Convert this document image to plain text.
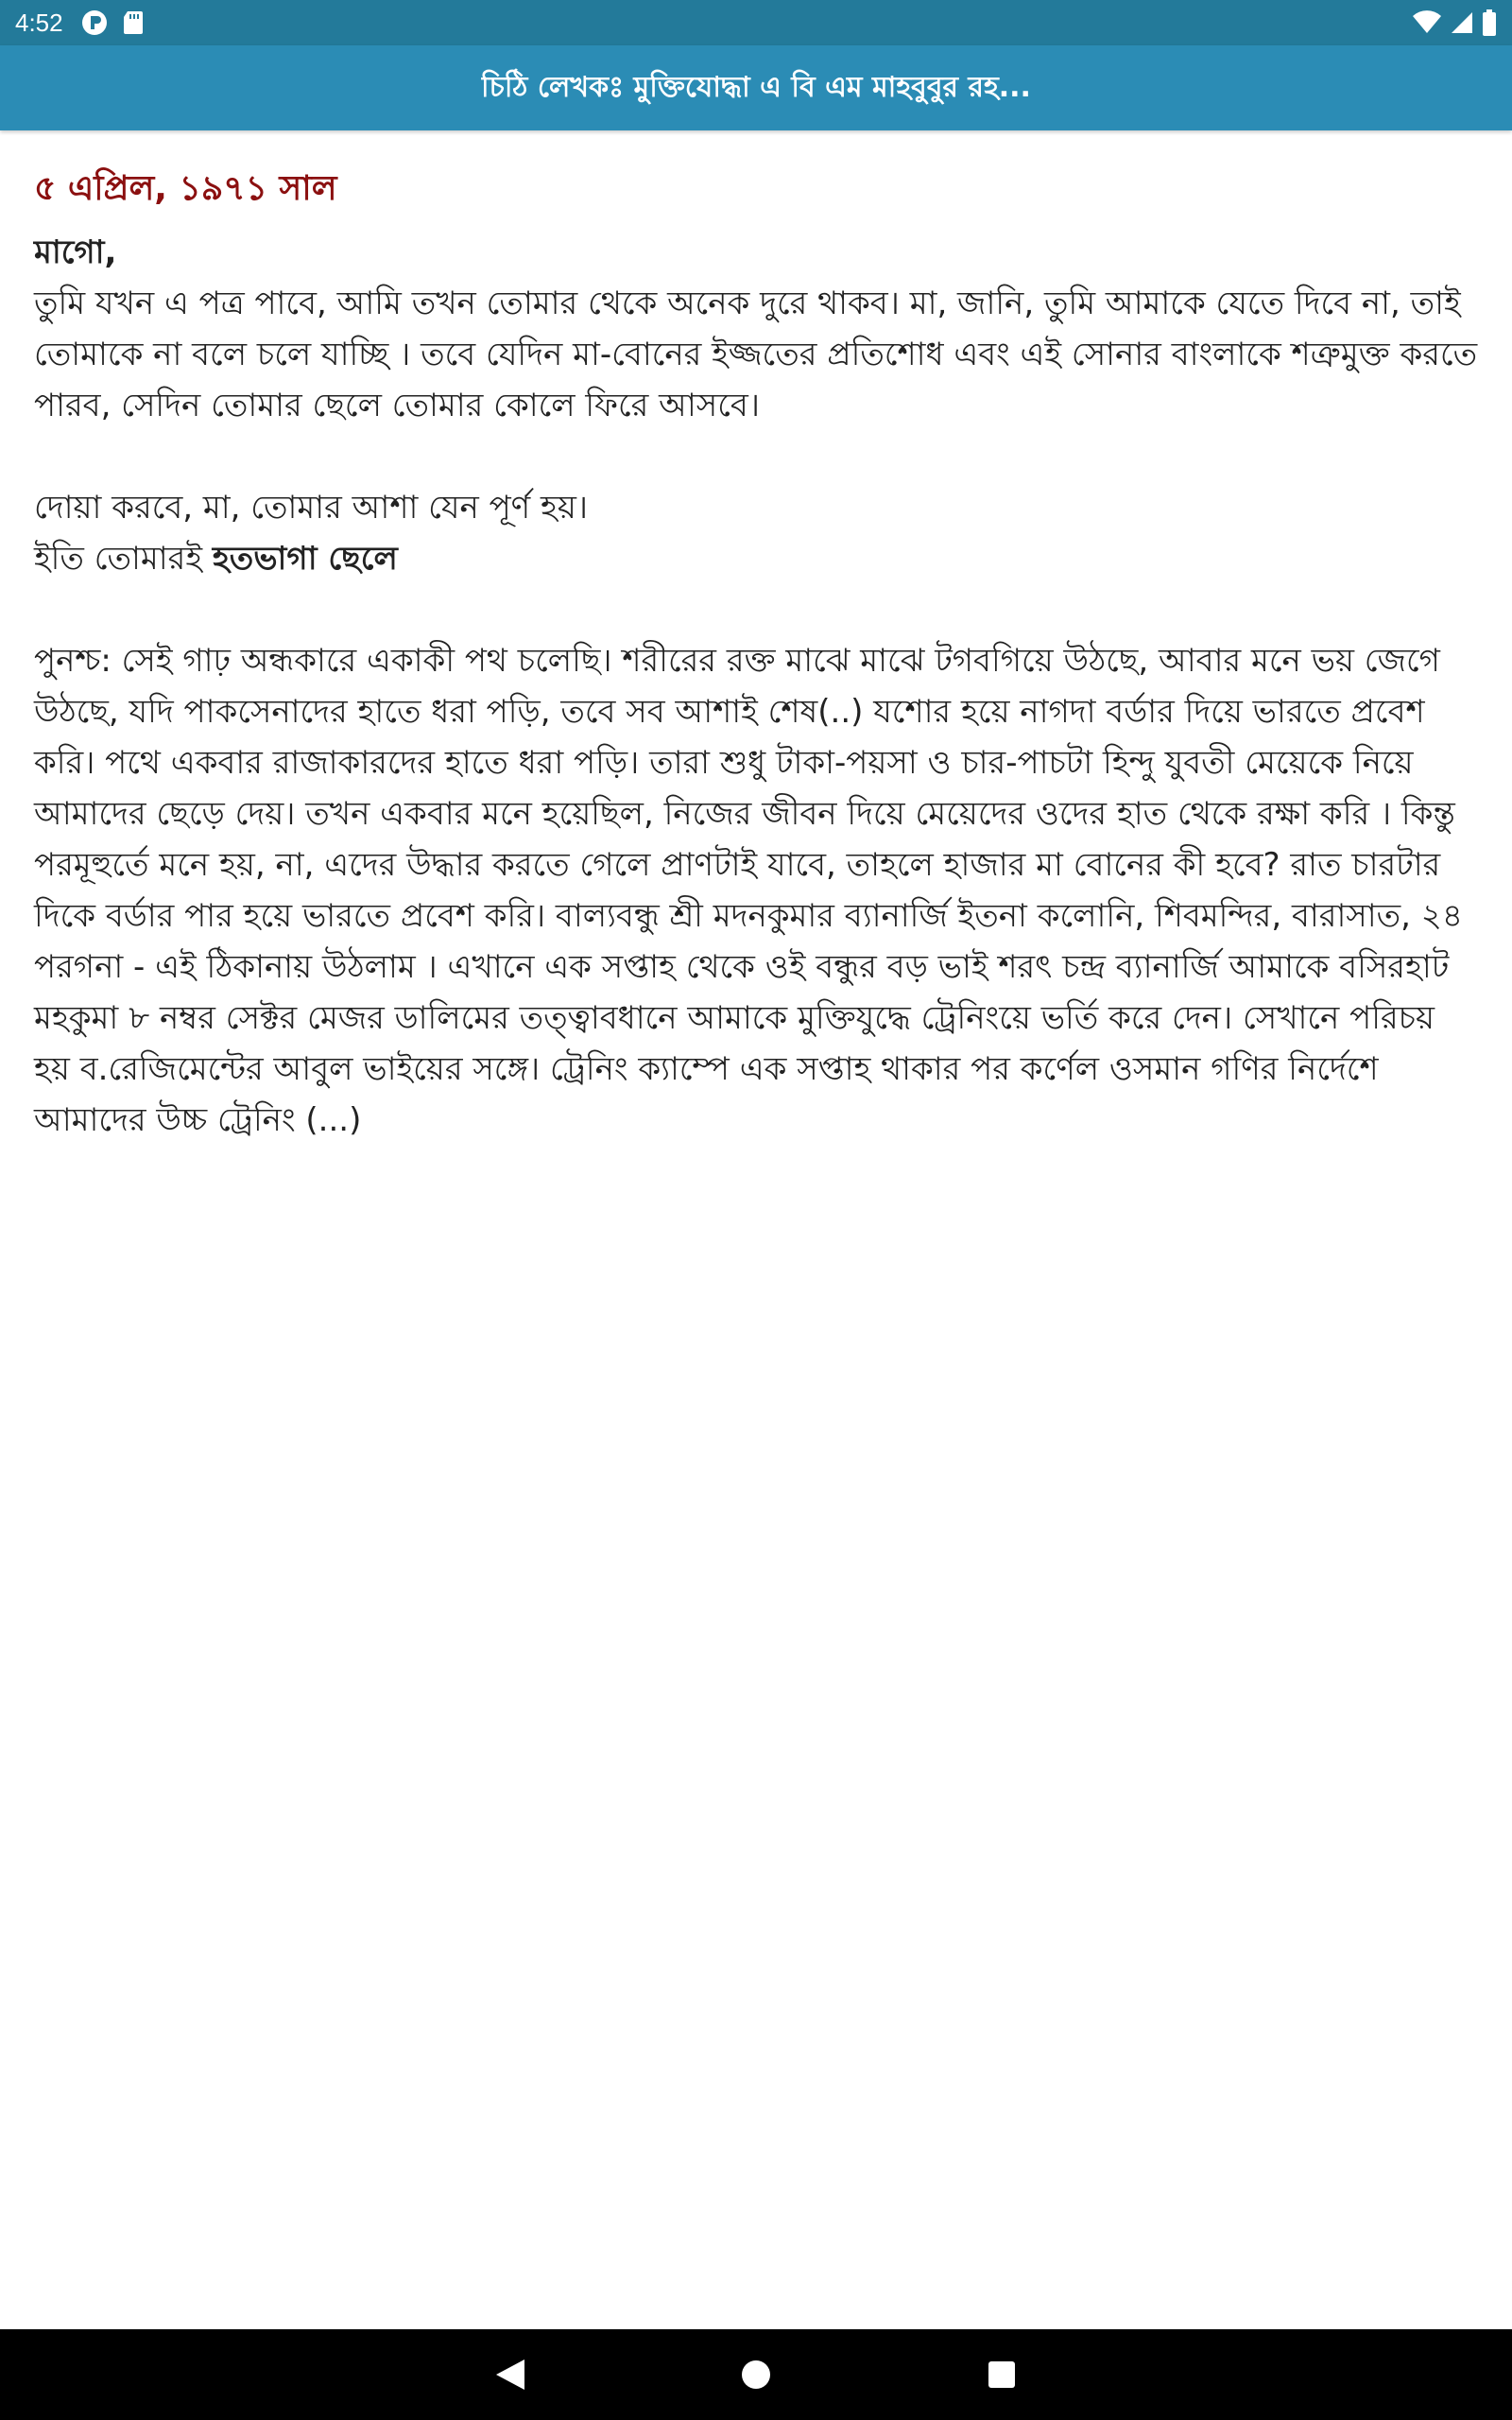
4:52
চিঠি লেখকঃ মুক্তিযোদ্ধা এ বি এম মাহবুবুর রহ...

৫ এপ্রিল, ১৯৭১ সাল

মাগো,

তুমি যখন এ পত্র পাবে, আমি তখন তোমার থেকে অনেক দুরে থাকব। মা, জানি, তুমি আমাকে যেতে দিবে না, তাই তোমাকে না বলে চলে যাচ্ছি । তবে যেদিন মা-বোনের ইজ্জতের প্রতিশোধ এবং এই সোনার বাংলাকে শত্রুমুক্ত করতে পারব, সেদিন তোমার ছেলে তোমার কোলে ফিরে আসবে।

দোয়া করবে, মা, তোমার আশা যেন পূর্ণ হয়।

ইতি তোমারই হতভাগা ছেলে

পুনশ্চ: সেই গাঢ় অন্ধকারে একাকী পথ চলেছি। শরীরের রক্ত মাঝে মাঝে টগবগিয়ে উঠছে, আবার মনে ভয় জেগে উঠছে, যদি পাকসেনাদের হাতে ধরা পড়ি, তবে সব আশাই শেষ(..) যশোর হয়ে নাগদা বর্ডার দিয়ে ভারতে প্রবেশ করি। পথে একবার রাজাকারদের হাতে ধরা পড়ি। তারা শুধু টাকা-পয়সা ও চার-পাচটা হিন্দু যুবতী মেয়েকে নিয়ে আমাদের ছেড়ে দেয়। তখন একবার মনে হয়েছিল, নিজের জীবন দিয়ে মেয়েদের ওদের হাত থেকে রক্ষা করি । কিন্তু পরমূহুর্তে মনে হয়, না, এদের উদ্ধার করতে গেলে প্রাণটাই যাবে, তাহলে হাজার মা বোনের কী হবে? রাত চারটার দিকে বর্ডার পার হয়ে ভারতে প্রবেশ করি। বাল্যবন্ধু শ্রী মদনকুমার ব্যানার্জি ইতনা কলোনি, শিবমন্দির, বারাসাত, ২৪ পরগনা - এই ঠিকানায় উঠলাম । এখানে এক সপ্তাহ থেকে ওই বন্ধুর বড় ভাই শরৎ চন্দ্র ব্যানার্জি আমাকে বসিরহাট মহকুমা ৮ নম্বর সেক্টর মেজর ডালিমের তত্ত্বাবধানে আমাকে মুক্তিযুদ্ধে ট্রেনিংয়ে ভর্তি করে দেন। সেখানে পরিচয় হয় ব.রেজিমেন্টের আবুল ভাইয়ের সঙ্গে। ট্রেনিং ক্যাম্পে এক সপ্তাহ থাকার পর কর্ণেল ওসমান গণির নির্দেশে আমাদের উচ্চ ট্রেনিং (...)
